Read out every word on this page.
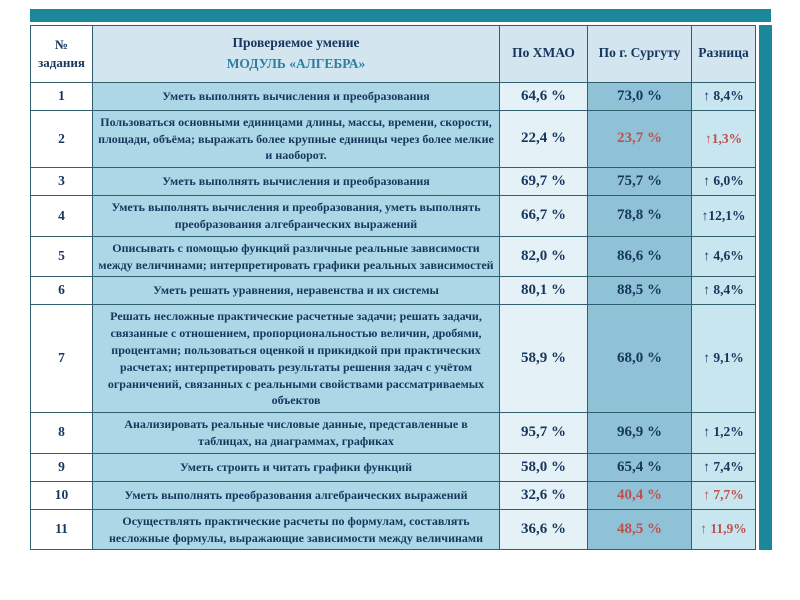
№ задания	Проверяемое умение
МОДУЛЬ «АЛГЕБРА»	По ХМАО	По г. Сургуту	Разница
1	Уметь выполнять вычисления и преобразования	64,6 %	73,0 %	↑ 8,4%
2	Пользоваться основными единицами длины, массы, времени, скорости, площади, объёма; выражать более крупные единицы через более мелкие и наоборот.	22,4 %	23,7 %	↑1,3%
3	Уметь выполнять вычисления и преобразования	69,7 %	75,7 %	↑ 6,0%
4	Уметь выполнять вычисления и преобразования, уметь выполнять преобразования алгебраических выражений	66,7 %	78,8 %	↑12,1%
5	Описывать с помощью функций различные реальные зависимости между величинами; интерпретировать графики реальных зависимостей	82,0 %	86,6 %	↑ 4,6%
6	Уметь решать уравнения, неравенства и их системы	80,1 %	88,5 %	↑ 8,4%
7	Решать несложные практические расчетные задачи; решать задачи, связанные с отношением, пропорциональностью величин, дробями, процентами; пользоваться оценкой и прикидкой при практических расчетах; интерпретировать результаты решения задач с учётом ограничений, связанных с реальными свойствами рассматриваемых объектов	58,9 %	68,0 %	↑ 9,1%
8	Анализировать реальные числовые данные, представленные в таблицах, на диаграммах, графиках	95,7 %	96,9 %	↑ 1,2%
9	Уметь строить и читать графики функций	58,0 %	65,4 %	↑ 7,4%
10	Уметь выполнять преобразования алгебраических выражений	32,6 %	40,4 %	↑ 7,7%
11	Осуществлять практические расчеты по формулам, составлять несложные формулы, выражающие зависимости между величинами	36,6 %	48,5 %	↑ 11,9%
